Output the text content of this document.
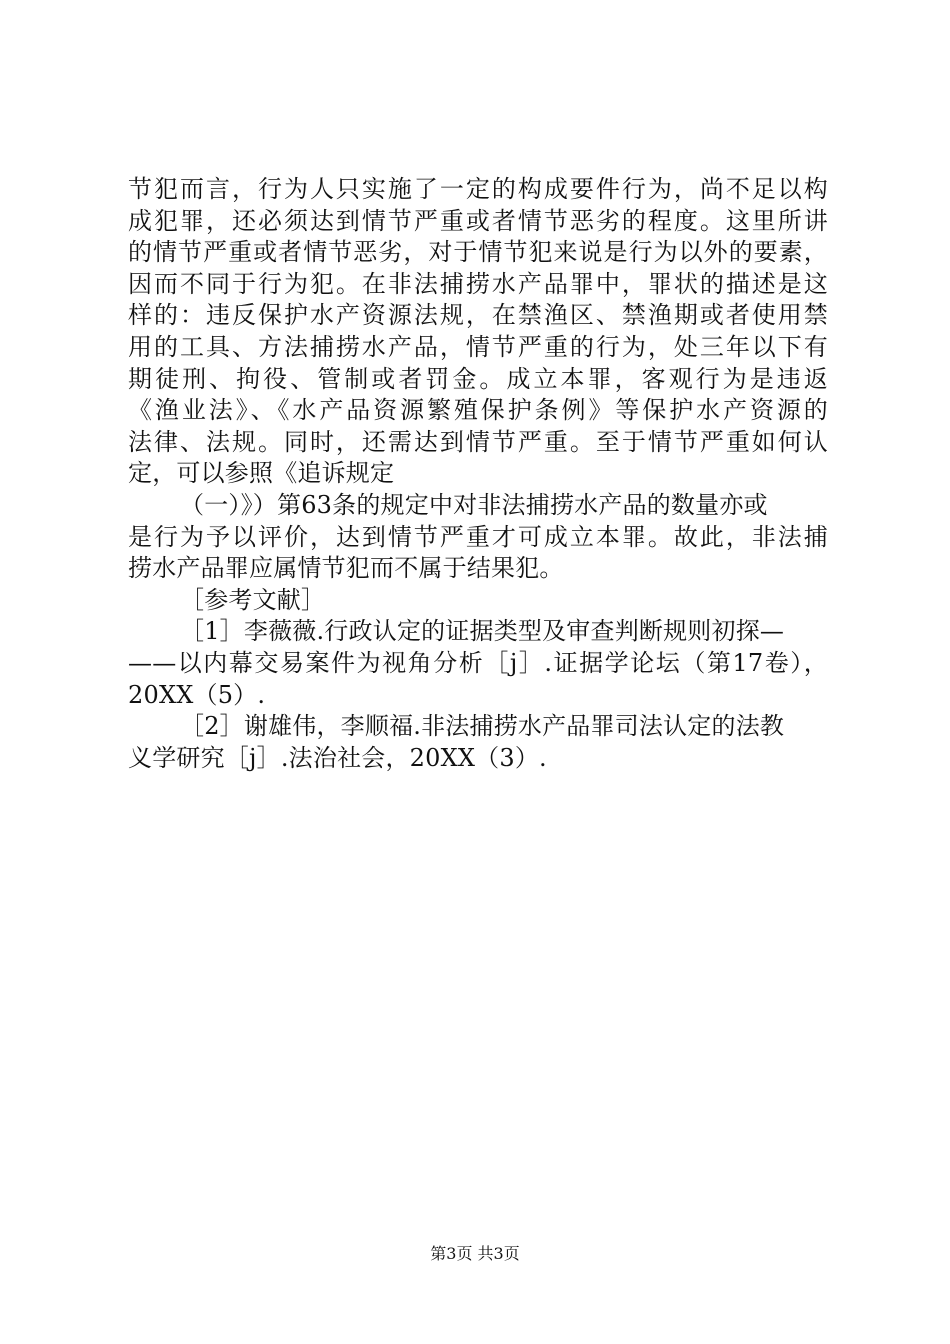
节犯而言，行为人只实施了一定的构成要件行为，尚不足以构
成犯罪，还必须达到情节严重或者情节恶劣的程度。这里所讲
的情节严重或者情节恶劣，对于情节犯来说是行为以外的要素，
因而不同于行为犯。在非法捕捞水产品罪中，罪状的描述是这
样的：违反保护水产资源法规，在禁渔区、禁渔期或者使用禁
用的工具、方法捕捞水产品，情节严重的行为，处三年以下有
期徒刑、拘役、管制或者罚金。成立本罪，客观行为是违返
《渔业法》、《水产品资源繁殖保护条例》等保护水产资源的
法律、法规。同时，还需达到情节严重。至于情节严重如何认
定，可以参照《追诉规定
（一）》）第63条的规定中对非法捕捞水产品的数量亦或
是行为予以评价，达到情节严重才可成立本罪。故此，非法捕
捞水产品罪应属情节犯而不属于结果犯。
［参考文献］
［1］李薇薇.行政认定的证据类型及审查判断规则初探—
——以内幕交易案件为视角分析［j］.证据学论坛（第17卷），
20XX（5）.
［2］谢雄伟，李顺福.非法捕捞水产品罪司法认定的法教
义学研究［j］.法治社会，20XX（3）.
第3页 共3页
